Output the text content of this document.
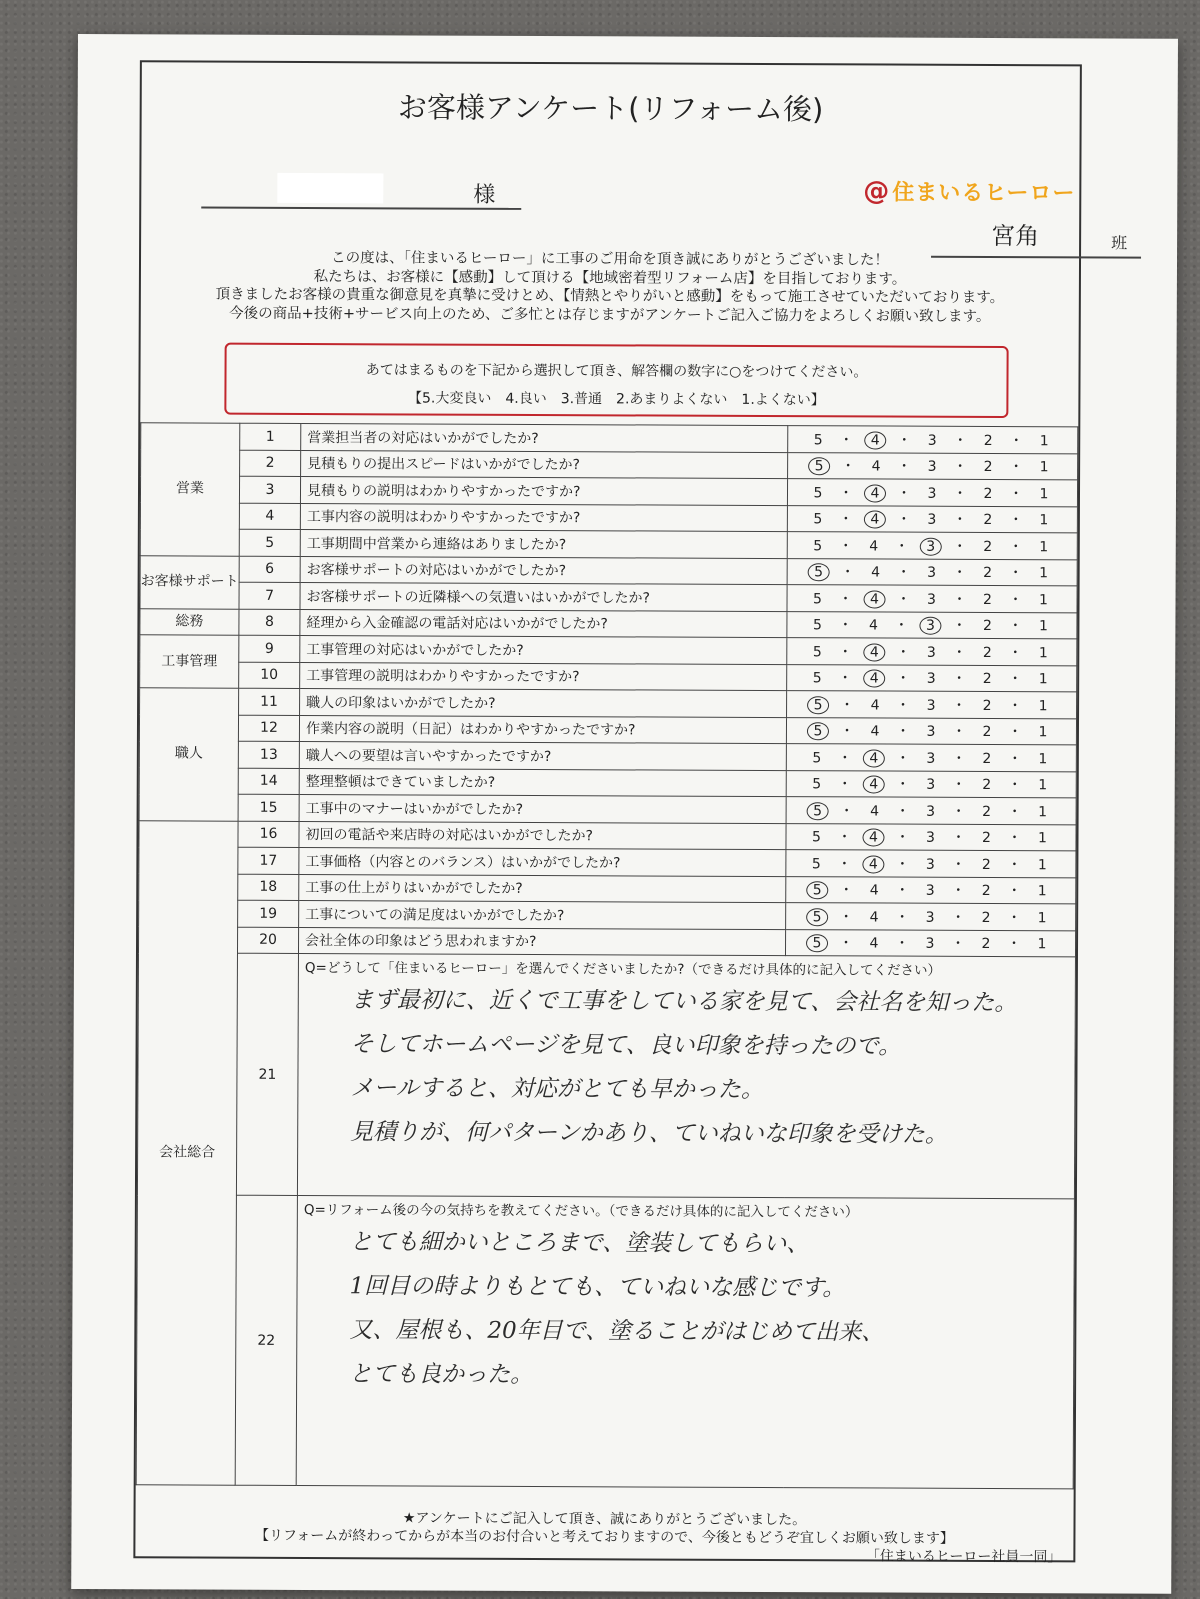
お客様アンケート(リフォーム後)
様	@住まいるヒーロー
宮角	班
この度は、「住まいるヒーロー」に工事のご用命を頂き誠にありがとうございました！
私たちは、お客様に【感動】して頂ける【地域密着型リフォーム店】を目指しております。
頂きましたお客様の貴重な御意見を真摯に受けとめ、【情熱とやりがいと感動】をもって施工させていただいております。
今後の商品+技術+サービス向上のため、ご多忙とは存じますがアンケートご記入ご協力をよろしくお願い致します。
あてはまるものを下記から選択して頂き、解答欄の数字に○をつけてください。
【5.大変良い　4.良い　3.普通　2.あまりよくない　1.よくない】
営業	1	営業担当者の対応はいかがでしたか?	5 ・ 4 ・ 3 ・ 2 ・ 1
	2	見積もりの提出スピードはいかがでしたか?	5 ・ 4 ・ 3 ・ 2 ・ 1
	3	見積もりの説明はわかりやすかったですか?	5 ・ 4 ・ 3 ・ 2 ・ 1
	4	工事内容の説明はわかりやすかったですか?	5 ・ 4 ・ 3 ・ 2 ・ 1
	5	工事期間中営業から連絡はありましたか?	5 ・ 4 ・ 3 ・ 2 ・ 1
お客様サポート	6	お客様サポートの対応はいかがでしたか?	5 ・ 4 ・ 3 ・ 2 ・ 1
	7	お客様サポートの近隣様への気遣いはいかがでしたか?	5 ・ 4 ・ 3 ・ 2 ・ 1
総務	8	経理から入金確認の電話対応はいかがでしたか?	5 ・ 4 ・ 3 ・ 2 ・ 1
工事管理	9	工事管理の対応はいかがでしたか?	5 ・ 4 ・ 3 ・ 2 ・ 1
	10	工事管理の説明はわかりやすかったですか?	5 ・ 4 ・ 3 ・ 2 ・ 1
職人	11	職人の印象はいかがでしたか?	5 ・ 4 ・ 3 ・ 2 ・ 1
	12	作業内容の説明（日記）はわかりやすかったですか?	5 ・ 4 ・ 3 ・ 2 ・ 1
	13	職人への要望は言いやすかったですか?	5 ・ 4 ・ 3 ・ 2 ・ 1
	14	整理整頓はできていましたか?	5 ・ 4 ・ 3 ・ 2 ・ 1
	15	工事中のマナーはいかがでしたか?	5 ・ 4 ・ 3 ・ 2 ・ 1
会社総合	16	初回の電話や来店時の対応はいかがでしたか?	5 ・ 4 ・ 3 ・ 2 ・ 1
	17	工事価格（内容とのバランス）はいかがでしたか?	5 ・ 4 ・ 3 ・ 2 ・ 1
	18	工事の仕上がりはいかがでしたか?	5 ・ 4 ・ 3 ・ 2 ・ 1
	19	工事についての満足度はいかがでしたか?	5 ・ 4 ・ 3 ・ 2 ・ 1
	20	会社全体の印象はどう思われますか?	5 ・ 4 ・ 3 ・ 2 ・ 1
	21	Q=どうして「住まいるヒーロー」を選んでくださいましたか?（できるだけ具体的に記入してください）
まず最初に、近くで工事をしている家を見て、会社名を知った。
そしてホームページを見て、良い印象を持ったので。
メールすると、対応がとても早かった。
見積りが、何パターンかあり、ていねいな印象を受けた。	

	22	Q=リフォーム後の今の気持ちを教えてください。（できるだけ具体的に記入してください）
とても細かいところまで、塗装してもらい、
1回目の時よりもとても、ていねいな感じです。
又、屋根も、20年目で、塗ることがはじめて出来、
とても良かった。	
★アンケートにご記入して頂き、誠にありがとうございました。
【リフォームが終わってからが本当のお付合いと考えておりますので、今後ともどうぞ宜しくお願い致します】
「住まいるヒーロー社員一同」
